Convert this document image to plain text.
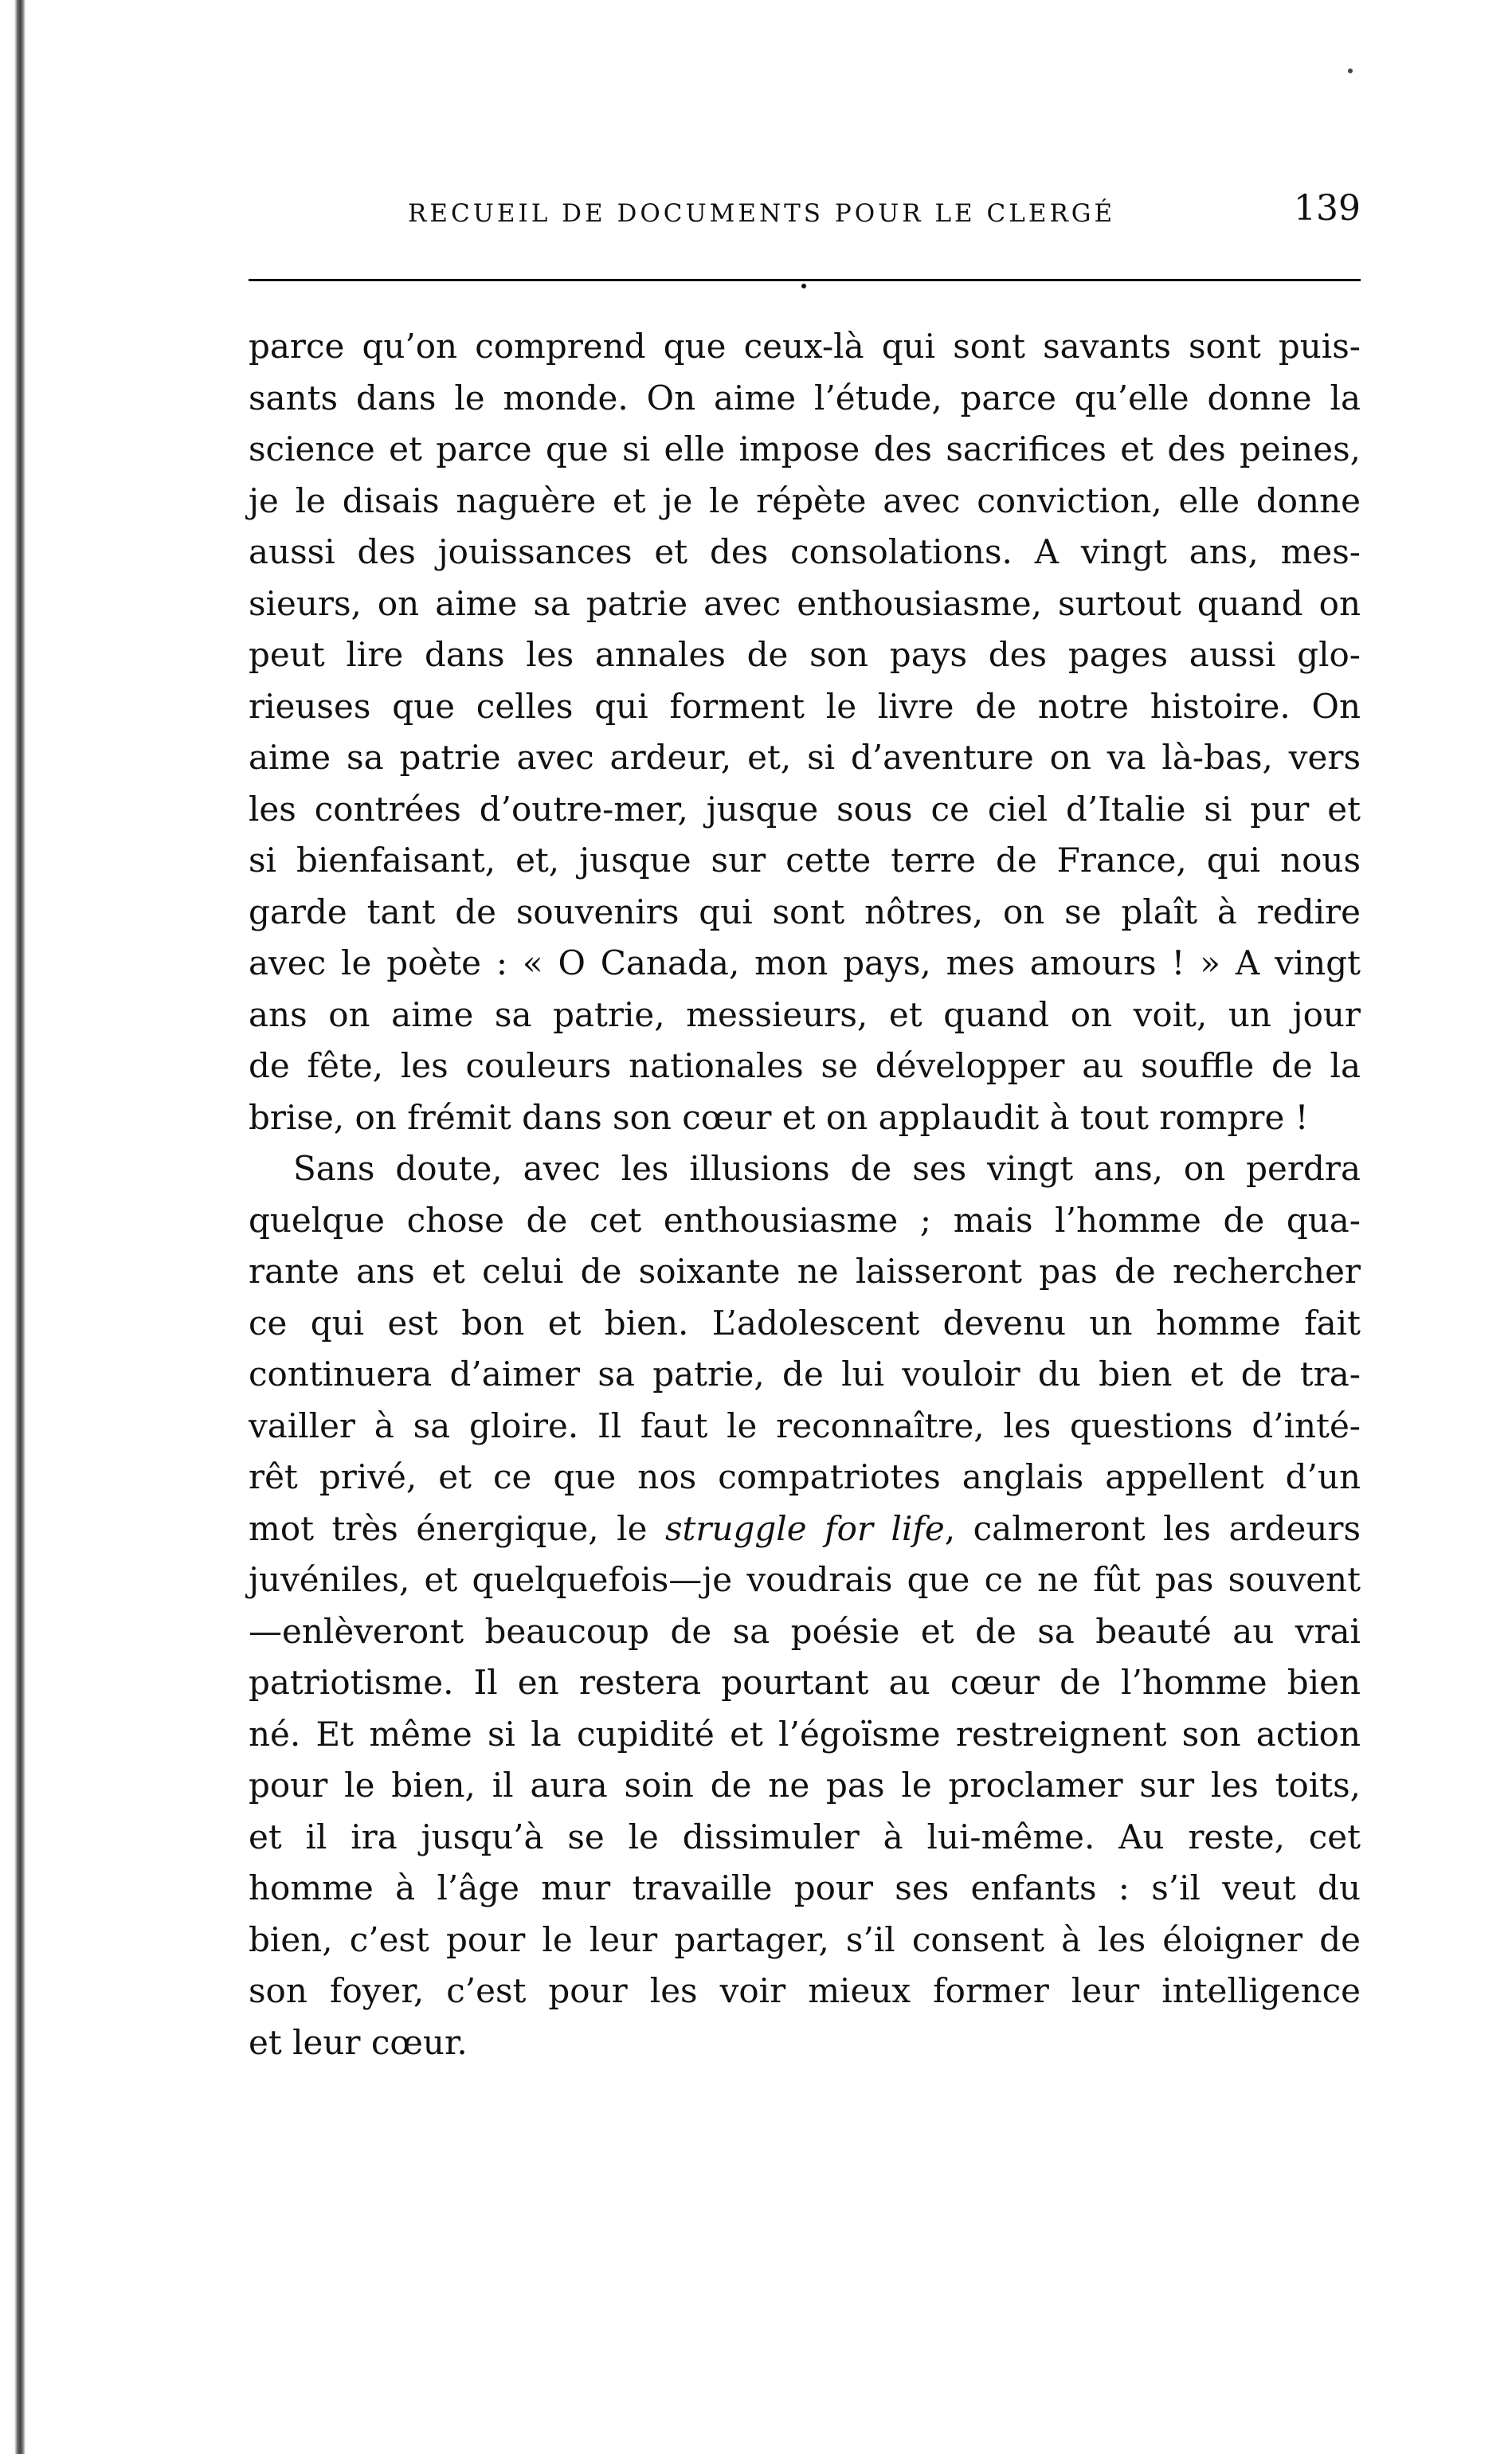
RECUEIL DE DOCUMENTS POUR LE CLERGÉ	139
parce qu’on comprend que ceux-là qui sont savants sont puis-
sants dans le monde. On aime l’étude, parce qu’elle donne la
science et parce que si elle impose des sacrifices et des peines,
je le disais naguère et je le répète avec conviction, elle donne
aussi des jouissances et des consolations. A vingt ans, mes-
sieurs, on aime sa patrie avec enthousiasme, surtout quand on
peut lire dans les annales de son pays des pages aussi glo-
rieuses que celles qui forment le livre de notre histoire. On
aime sa patrie avec ardeur, et, si d’aventure on va là-bas, vers
les contrées d’outre-mer, jusque sous ce ciel d’Italie si pur et
si bienfaisant, et, jusque sur cette terre de France, qui nous
garde tant de souvenirs qui sont nôtres, on se plaît à redire
avec le poète : « O Canada, mon pays, mes amours ! » A vingt
ans on aime sa patrie, messieurs, et quand on voit, un jour
de fête, les couleurs nationales se développer au souffle de la
brise, on frémit dans son cœur et on applaudit à tout rompre !
Sans doute, avec les illusions de ses vingt ans, on perdra
quelque chose de cet enthousiasme ; mais l’homme de qua-
rante ans et celui de soixante ne laisseront pas de rechercher
ce qui est bon et bien. L’adolescent devenu un homme fait
continuera d’aimer sa patrie, de lui vouloir du bien et de tra-
vailler à sa gloire. Il faut le reconnaître, les questions d’inté-
rêt privé, et ce que nos compatriotes anglais appellent d’un
mot très énergique, le struggle for life, calmeront les ardeurs
juvéniles, et quelquefois—je voudrais que ce ne fût pas souvent
—enlèveront beaucoup de sa poésie et de sa beauté au vrai
patriotisme. Il en restera pourtant au cœur de l’homme bien
né. Et même si la cupidité et l’égoïsme restreignent son action
pour le bien, il aura soin de ne pas le proclamer sur les toits,
et il ira jusqu’à se le dissimuler à lui-même. Au reste, cet
homme à l’âge mur travaille pour ses enfants : s’il veut du
bien, c’est pour le leur partager, s’il consent à les éloigner de
son foyer, c’est pour les voir mieux former leur intelligence
et leur cœur.
